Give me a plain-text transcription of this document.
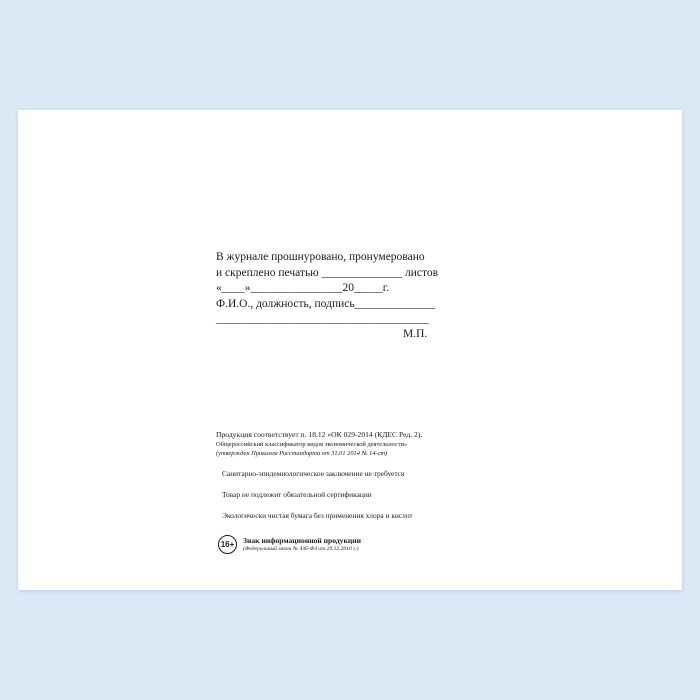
В журнале прошнуровано, пронумеровано
и скреплено печатью ______________ листов
«____»________________20_____г.
Ф.И.О., должность, подпись______________
_____________________________________
М.П.
Продукция соответствует п. 18.12 «ОК 029-2014 (КДЕС Ред. 2).
Общероссийский классификатор видов экономической деятельности»
(утвержден Приказом Росстандарта от 31.01 2014 № 14-ст)
Санитарно-эпидемиологическое заключение не требуется
Товар не подлежит обязательной сертификации
Экологически чистая бумага без применения хлора и кислот
16+	Знак информационной продукции
(Федеральный закон № 436-ФЗ от 29.12.2010 г.)
